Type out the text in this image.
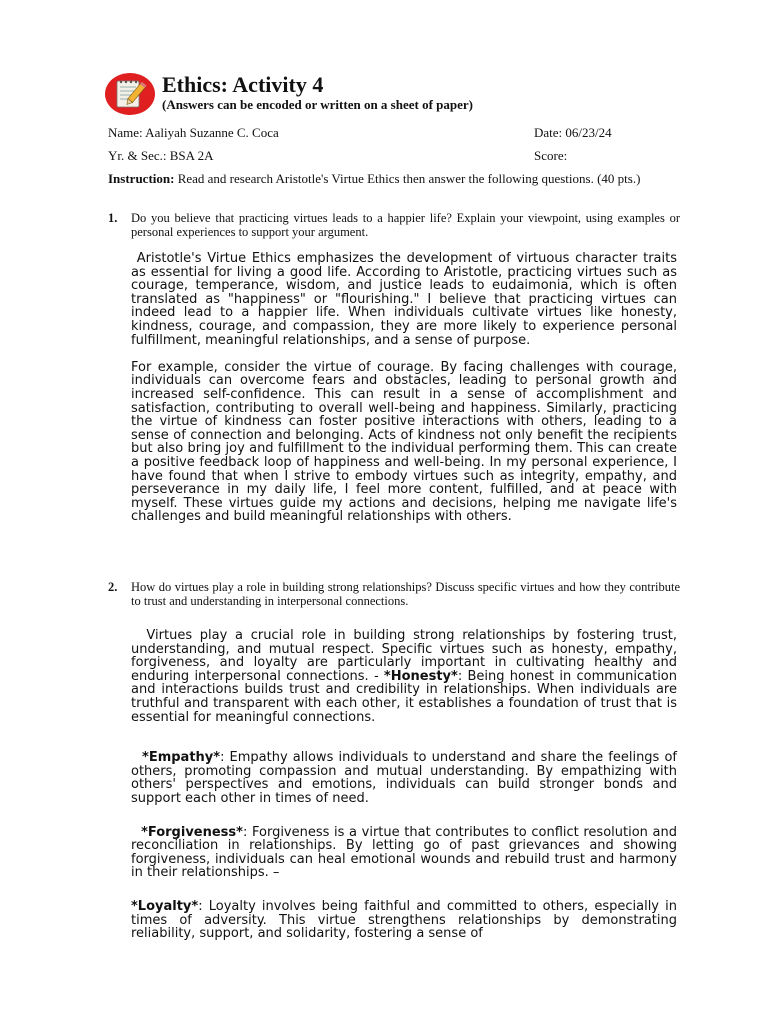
Ethics: Activity 4
(Answers can be encoded or written on a sheet of paper)
Name: Aaliyah Suzanne C. Coca	Date: 06/23/24
Yr. & Sec.: BSA 2A	Score:
Instruction: Read and research Aristotle's Virtue Ethics then answer the following questions. (40 pts.)
1. Do you believe that practicing virtues leads to a happier life? Explain your viewpoint, using examples or personal experiences to support your argument.

Aristotle's Virtue Ethics emphasizes the development of virtuous character traits as essential for living a good life. According to Aristotle, practicing virtues such as courage, temperance, wisdom, and justice leads to eudaimonia, which is often translated as "happiness" or "flourishing." I believe that practicing virtues can indeed lead to a happier life. When individuals cultivate virtues like honesty, kindness, courage, and compassion, they are more likely to experience personal fulfillment, meaningful relationships, and a sense of purpose.

For example, consider the virtue of courage. By facing challenges with courage, individuals can overcome fears and obstacles, leading to personal growth and increased self-confidence. This can result in a sense of accomplishment and satisfaction, contributing to overall well-being and happiness. Similarly, practicing the virtue of kindness can foster positive interactions with others, leading to a sense of connection and belonging. Acts of kindness not only benefit the recipients but also bring joy and fulfillment to the individual performing them. This can create a positive feedback loop of happiness and well-being. In my personal experience, I have found that when I strive to embody virtues such as integrity, empathy, and perseverance in my daily life, I feel more content, fulfilled, and at peace with myself. These virtues guide my actions and decisions, helping me navigate life's challenges and build meaningful relationships with others.

2. How do virtues play a role in building strong relationships? Discuss specific virtues and how they contribute to trust and understanding in interpersonal connections.

Virtues play a crucial role in building strong relationships by fostering trust, understanding, and mutual respect. Specific virtues such as honesty, empathy, forgiveness, and loyalty are particularly important in cultivating healthy and enduring interpersonal connections. - *Honesty*: Being honest in communication and interactions builds trust and credibility in relationships. When individuals are truthful and transparent with each other, it establishes a foundation of trust that is essential for meaningful connections.

*Empathy*: Empathy allows individuals to understand and share the feelings of others, promoting compassion and mutual understanding. By empathizing with others' perspectives and emotions, individuals can build stronger bonds and support each other in times of need.

*Forgiveness*: Forgiveness is a virtue that contributes to conflict resolution and reconciliation in relationships. By letting go of past grievances and showing forgiveness, individuals can heal emotional wounds and rebuild trust and harmony in their relationships. –

*Loyalty*: Loyalty involves being faithful and committed to others, especially in times of adversity. This virtue strengthens relationships by demonstrating reliability, support, and solidarity, fostering a sense of
